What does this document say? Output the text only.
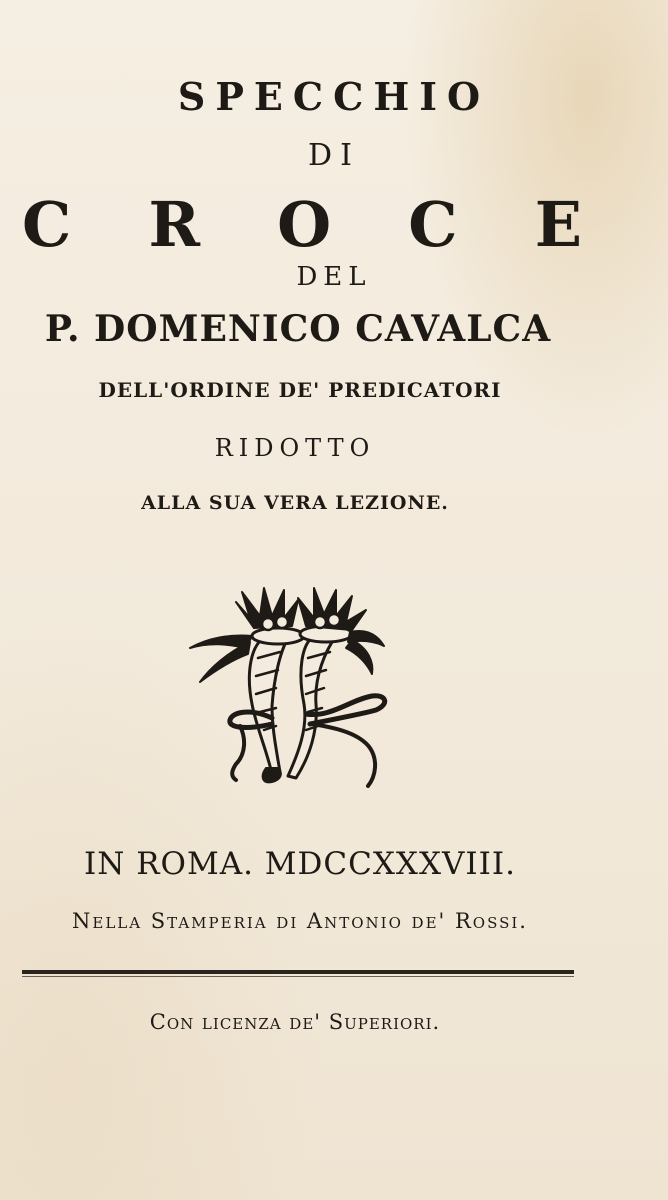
SPECCHIO
DI
C R O C E
DEL
P. DOMENICO CAVALCA
DELL'ORDINE DE' PREDICATORI
RIDOTTO
ALLA SUA VERA LEZIONE.
IN ROMA. MDCCXXXVIII.
Nella Stamperia di Antonio de' Rossi.
Con licenza de' Superiori.
